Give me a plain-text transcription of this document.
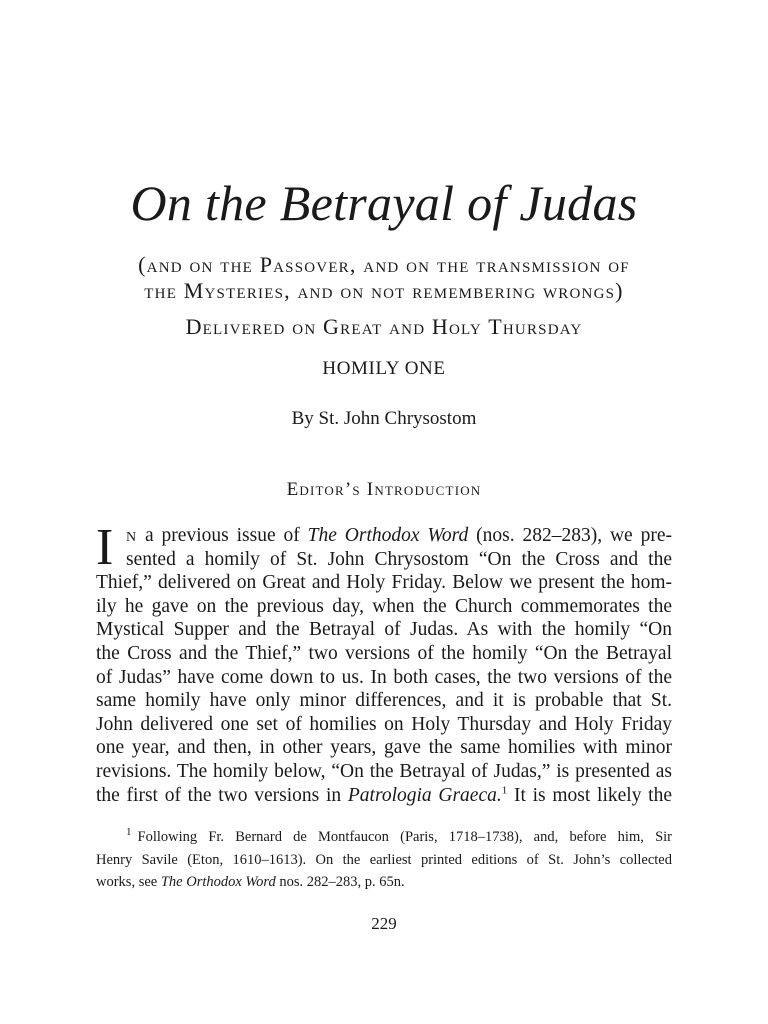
On the Betrayal of Judas
(and on the Passover, and on the transmission of
the Mysteries, and on not remembering wrongs)
Delivered on Great and Holy Thursday
HOMILY ONE
By St. John Chrysostom
Editor’s Introduction
I n a previous issue of The Orthodox Word (nos. 282–283), we pre-
sented a homily of St. John Chrysostom “On the Cross and the
Thief,” delivered on Great and Holy Friday. Below we present the hom-
ily he gave on the previous day, when the Church commemorates the
Mystical Supper and the Betrayal of Judas. As with the homily “On
the Cross and the Thief,” two versions of the homily “On the Betrayal
of Judas” have come down to us. In both cases, the two versions of the
same homily have only minor differences, and it is probable that St.
John delivered one set of homilies on Holy Thursday and Holy Friday
one year, and then, in other years, gave the same homilies with minor
revisions. The homily below, “On the Betrayal of Judas,” is presented as
the first of the two versions in Patrologia Graeca.$^1$ It is most likely the
$^1$ Following Fr. Bernard de Montfaucon (Paris, 1718–1738), and, before him, Sir
Henry Savile (Eton, 1610–1613). On the earliest printed editions of St. John’s collected
works, see The Orthodox Word nos. 282–283, p. 65n.
229
